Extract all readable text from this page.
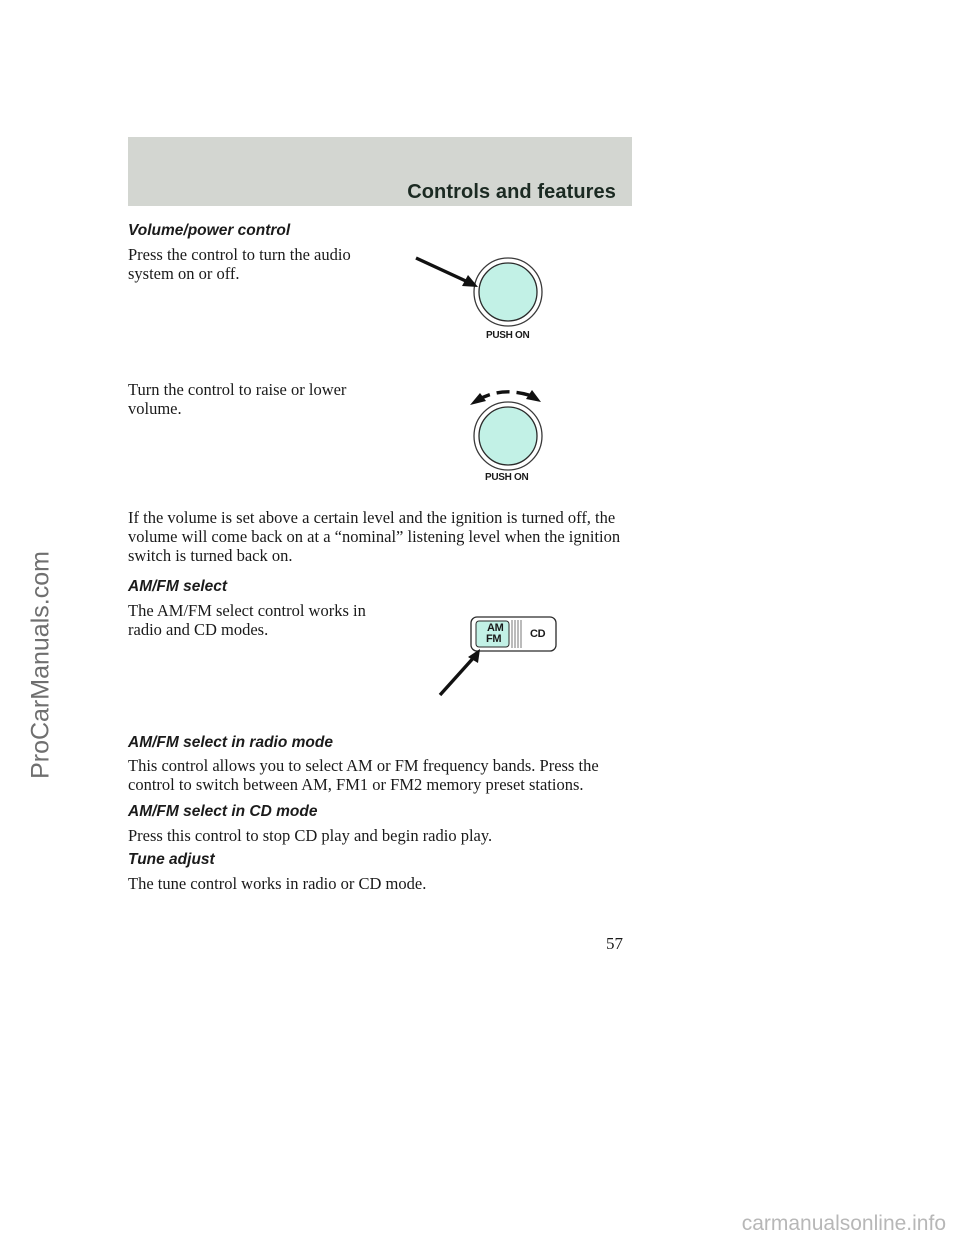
Controls and features
Volume/power control
Press the control to turn the audio system on or off.
PUSH ON
Turn the control to raise or lower volume.
PUSH ON
If the volume is set above a certain level and the ignition is turned off, the volume will come back on at a “nominal” listening level when the ignition switch is turned back on.
AM/FM select
The AM/FM select control works in radio and CD modes.	AM
FM	CD
AM/FM select in radio mode
This control allows you to select AM or FM frequency bands. Press the control to switch between AM, FM1 or FM2 memory preset stations.
AM/FM select in CD mode
Press this control to stop CD play and begin radio play.
Tune adjust
The tune control works in radio or CD mode.
57
ProCarManuals.com
carmanualsonline.info
